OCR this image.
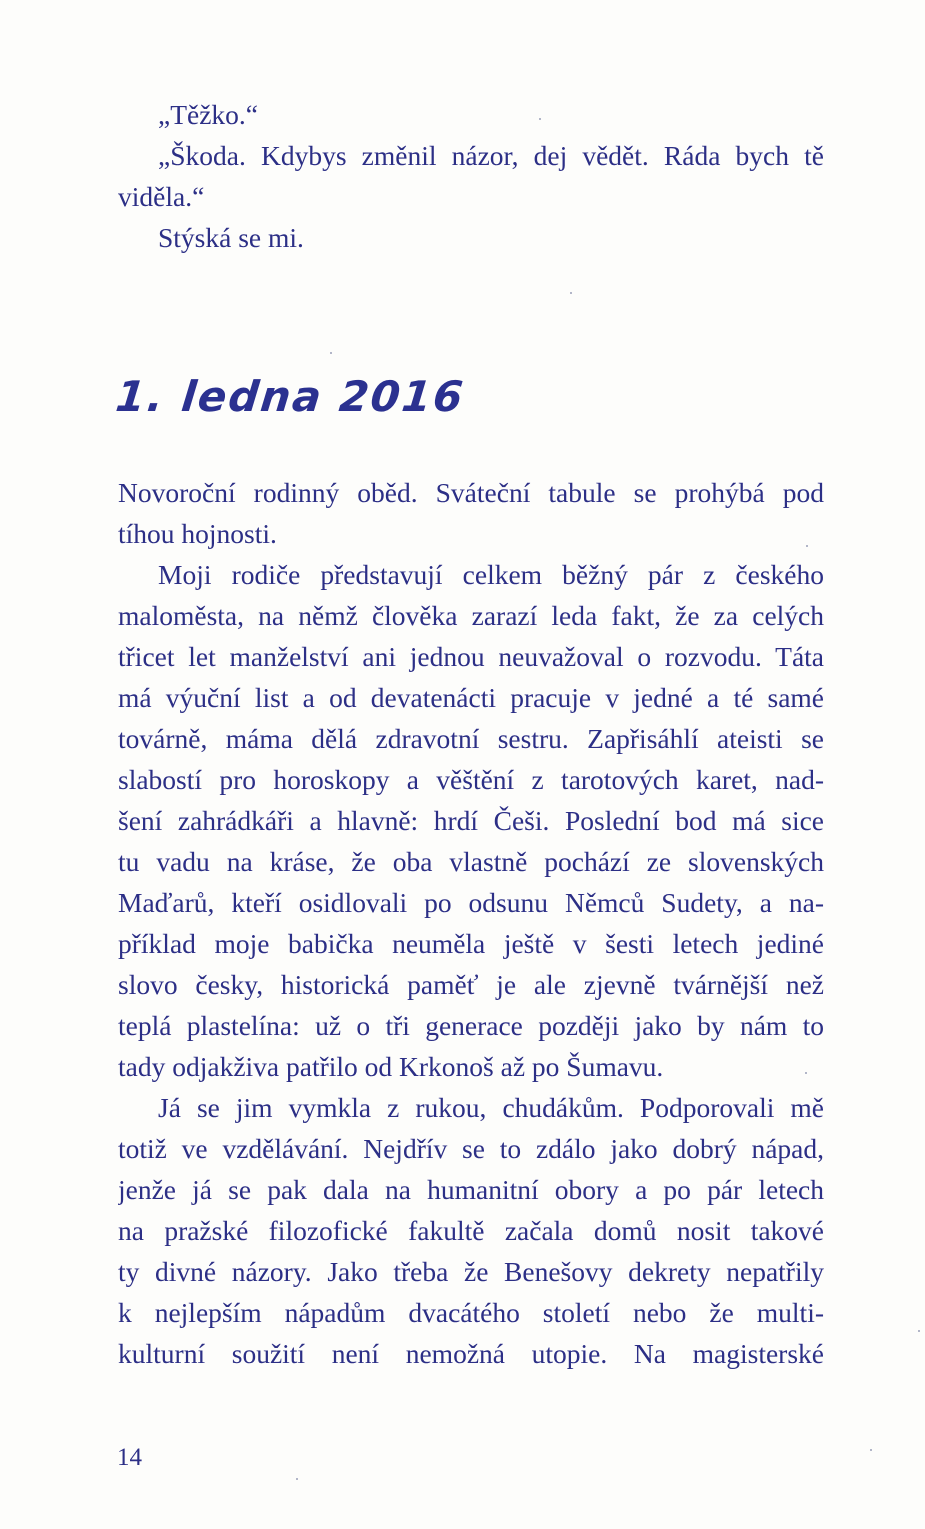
„Těžko.“
„Škoda. Kdybys změnil názor, dej vědět. Ráda bych tě
viděla.“
Stýská se mi.
1. ledna 2016
Novoroční rodinný oběd. Sváteční tabule se prohýbá pod
tíhou hojnosti.
Moji rodiče představují celkem běžný pár z českého
maloměsta, na němž člověka zarazí leda fakt, že za celých
třicet let manželství ani jednou neuvažoval o rozvodu. Táta
má výuční list a od devatenácti pracuje v jedné a té samé
továrně, máma dělá zdravotní sestru. Zapřisáhlí ateisti se
slabostí pro horoskopy a věštění z tarotových karet, nad-
šení zahrádkáři a hlavně: hrdí Češi. Poslední bod má sice
tu vadu na kráse, že oba vlastně pochází ze slovenských
Maďarů, kteří osidlovali po odsunu Němců Sudety, a na-
příklad moje babička neuměla ještě v šesti letech jediné
slovo česky, historická paměť je ale zjevně tvárnější než
teplá plastelína: už o tři generace později jako by nám to
tady odjakživa patřilo od Krkonoš až po Šumavu.
Já se jim vymkla z rukou, chudákům. Podporovali mě
totiž ve vzdělávání. Nejdřív se to zdálo jako dobrý nápad,
jenže já se pak dala na humanitní obory a po pár letech
na pražské filozofické fakultě začala domů nosit takové
ty divné názory. Jako třeba že Benešovy dekrety nepatřily
k nejlepším nápadům dvacátého století nebo že multi-
kulturní soužití není nemožná utopie. Na magisterské
14
